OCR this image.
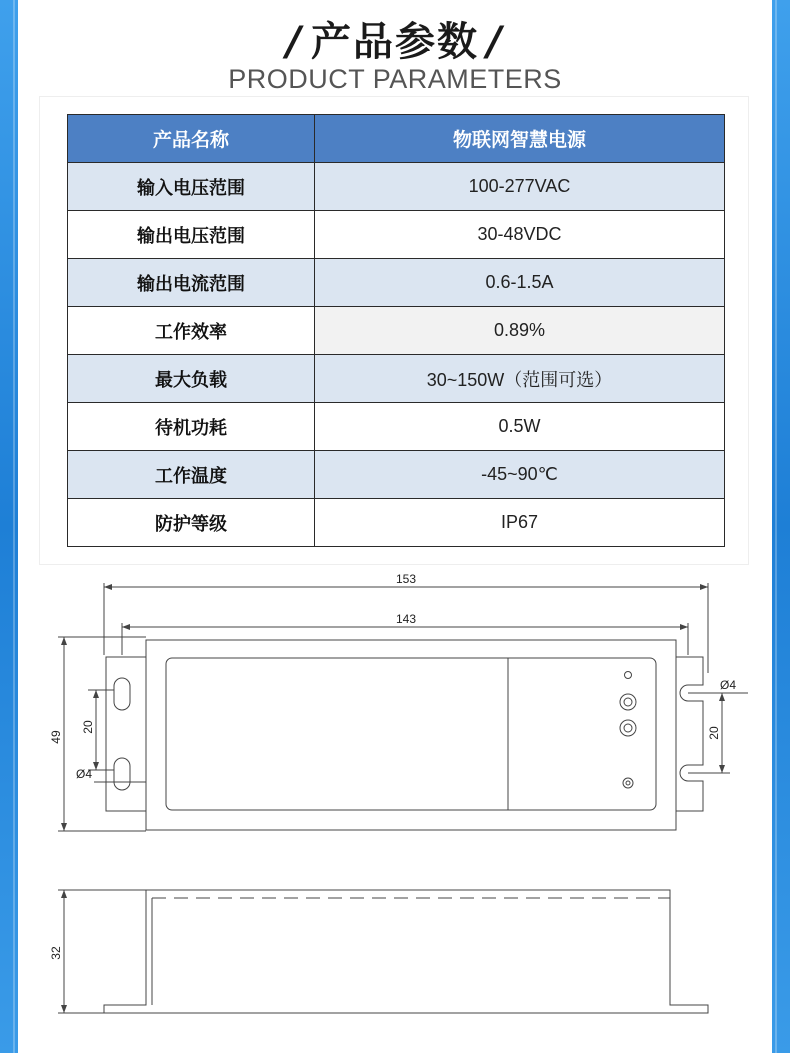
/ 产品参数 /
PRODUCT PARAMETERS
产品名称	物联网智慧电源
输入电压范围	100-277VAC
输出电压范围	30-48VDC
输出电流范围	0.6-1.5A
工作效率	0.89%
最大负载	30~150W（范围可选）
待机功耗	0.5W
工作温度	-45~90℃
防护等级	IP67
153
143
49
20
Ø4
Ø4
20
32
